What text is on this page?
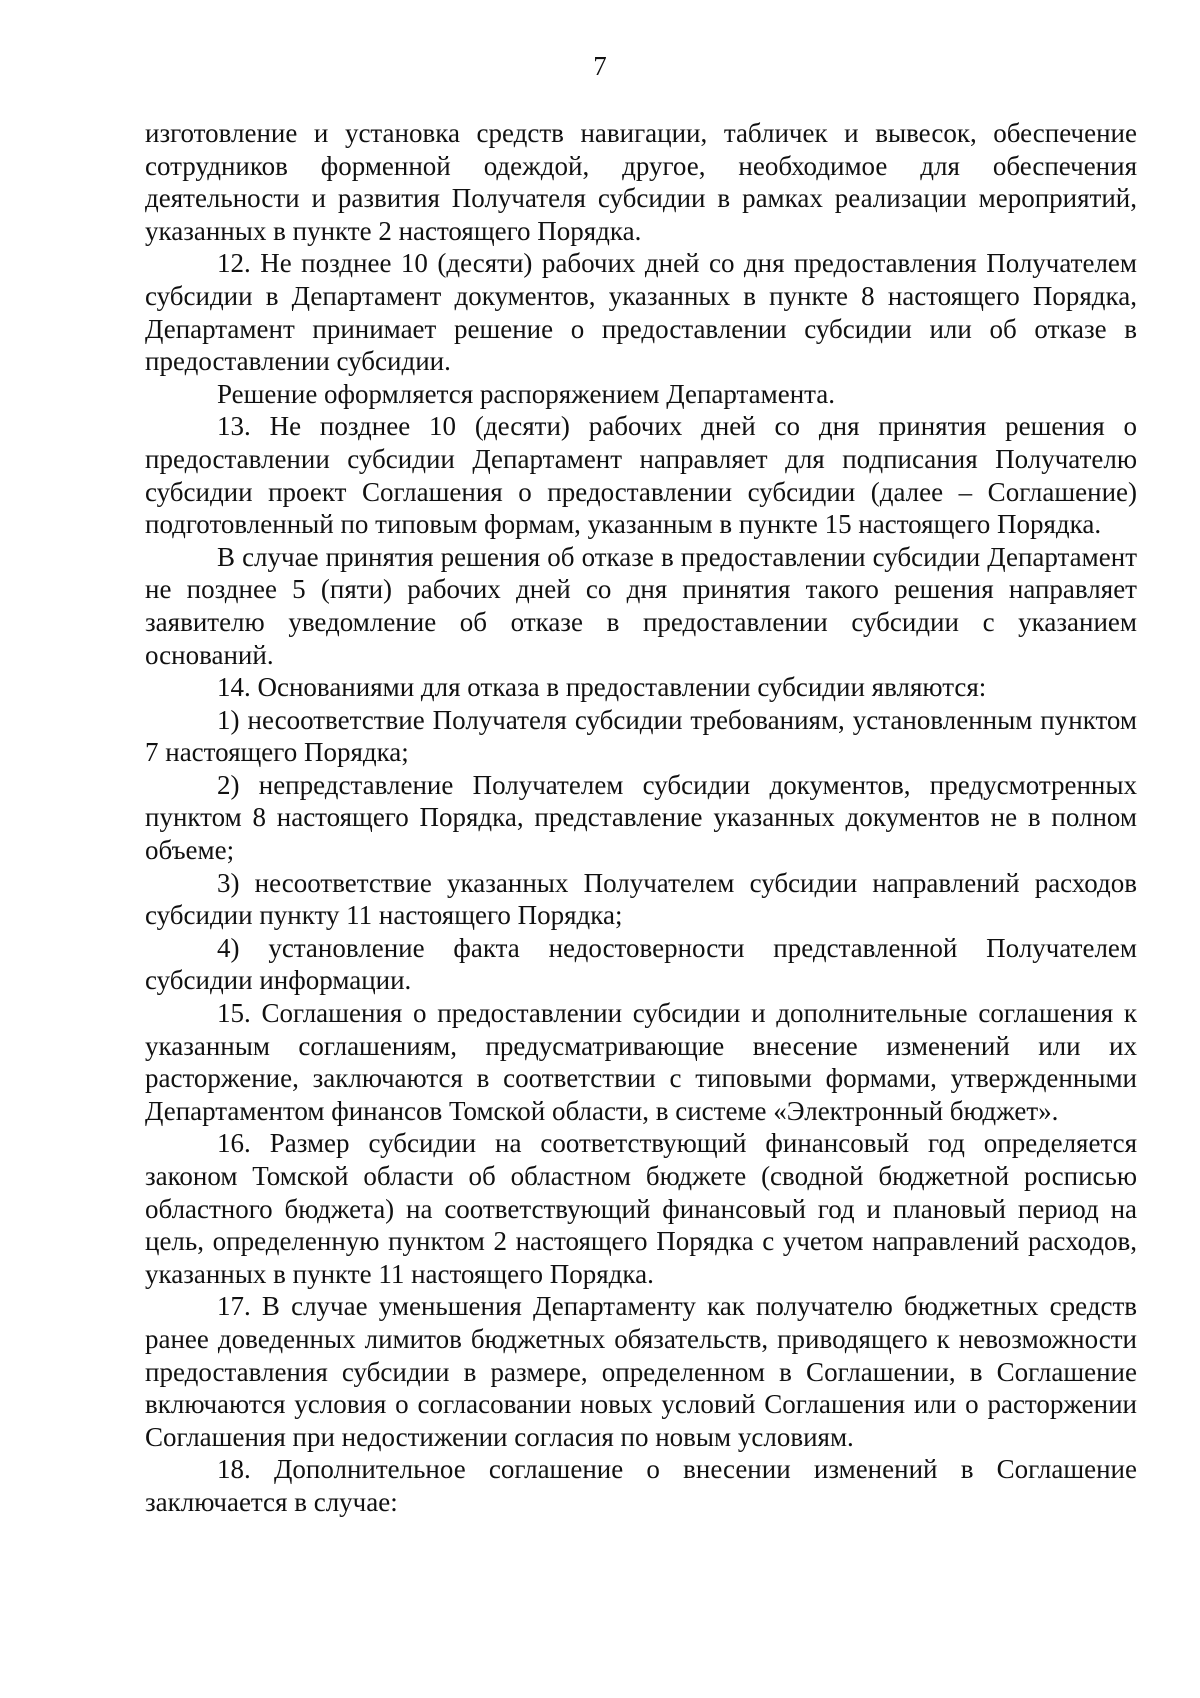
7

изготовление и установка средств навигации, табличек и вывесок, обеспечение сотрудников форменной одеждой, другое, необходимое для обеспечения деятельности и развития Получателя субсидии в рамках реализации мероприятий, указанных в пункте 2 настоящего Порядка.

12. Не позднее 10 (десяти) рабочих дней со дня предоставления Получателем субсидии в Департамент документов, указанных в пункте 8 настоящего Порядка, Департамент принимает решение о предоставлении субсидии или об отказе в предоставлении субсидии.

Решение оформляется распоряжением Департамента.

13. Не позднее 10 (десяти) рабочих дней со дня принятия решения о предоставлении субсидии Департамент направляет для подписания Получателю субсидии проект Соглашения о предоставлении субсидии (далее – Соглашение) подготовленный по типовым формам, указанным в пункте 15 настоящего Порядка.

В случае принятия решения об отказе в предоставлении субсидии Департамент не позднее 5 (пяти) рабочих дней со дня принятия такого решения направляет заявителю уведомление об отказе в предоставлении субсидии с указанием оснований.

14. Основаниями для отказа в предоставлении субсидии являются:

1) несоответствие Получателя субсидии требованиям, установленным пунктом 7 настоящего Порядка;

2) непредставление Получателем субсидии документов, предусмотренных пунктом 8 настоящего Порядка, представление указанных документов не в полном объеме;

3) несоответствие указанных Получателем субсидии направлений расходов субсидии пункту 11 настоящего Порядка;

4) установление факта недостоверности представленной Получателем субсидии информации.

15. Соглашения о предоставлении субсидии и дополнительные соглашения к указанным соглашениям, предусматривающие внесение изменений или их расторжение, заключаются в соответствии с типовыми формами, утвержденными Департаментом финансов Томской области, в системе «Электронный бюджет».

16. Размер субсидии на соответствующий финансовый год определяется законом Томской области об областном бюджете (сводной бюджетной росписью областного бюджета) на соответствующий финансовый год и плановый период на цель, определенную пунктом 2 настоящего Порядка с учетом направлений расходов, указанных в пункте 11 настоящего Порядка.

17. В случае уменьшения Департаменту как получателю бюджетных средств ранее доведенных лимитов бюджетных обязательств, приводящего к невозможности предоставления субсидии в размере, определенном в Соглашении, в Соглашение включаются условия о согласовании новых условий Соглашения или о расторжении Соглашения при недостижении согласия по новым условиям.

18. Дополнительное соглашение о внесении изменений в Соглашение заключается в случае:
